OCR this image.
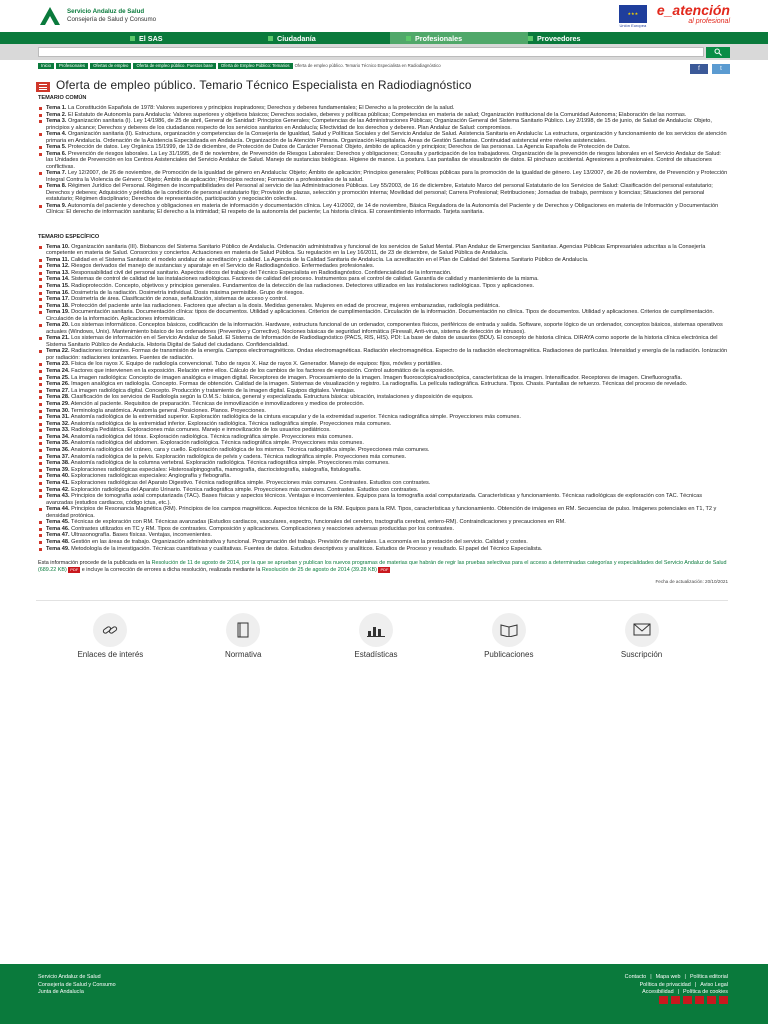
Servicio Andaluz de Salud
Consejería de Salud y Consumo
★★★
Unión Europea
e_atención
al profesional
El SAS	Ciudadanía	Profesionales	Proveedores
Inicio Profesionales Ofertas de empleo Oferta de empleo público. Puestos base Oferta de Empleo Público: Temarios Oferta de empleo público. Temario Técnico Especialista en Radiodiagnóstico
f	t
Oferta de empleo público. Temario Técnico Especialista en Radiodiagnóstico
TEMARIO COMÚN
Tema 1. La Constitución Española de 1978: Valores superiores y principios inspiradores; Derechos y deberes fundamentales; El Derecho a la protección de la salud.
Tema 2. El Estatuto de Autonomía para Andalucía: Valores superiores y objetivos básicos; Derechos sociales, deberes y políticas públicas; Competencias en materia de salud; Organización institucional de la Comunidad Autonoma; Elaboración de las normas.
Tema 3. Organización sanitaria (I). Ley 14/1986, de 25 de abril, General de Sanidad: Principios Generales; Competencias de las Administraciones Públicas; Organización General del Sistema Sanitario Público. Ley 2/1998, de 15 de junio, de Salud de Andalucía: Objeto, principios y alcance; Derechos y deberes de los ciudadanos respecto de los servicios sanitarios en Andalucía; Efectividad de los derechos y deberes. Plan Andaluz de Salud: compromisos.
Tema 4. Organización sanitaria (II). Estructura, organización y competencias de la Consejería de Igualdad, Salud y Políticas Sociales y del Servicio Andaluz de Salud. Asistencia Sanitaria en Andalucía: La estructura, organización y funcionamiento de los servicios de atención primaria en Andalucía. Ordenación de la Asistencia Especializada en Andalucía. Organización de la Atención Primaria. Organización Hospitalaria. Áreas de Gestión Sanitarias. Continuidad asistencial entre niveles asistenciales.
Tema 5. Protección de datos. Ley Orgánica 15/1999, de 13 de diciembre, de Protección de Datos de Carácter Personal: Objeto, ámbito de aplicación y principios; Derechos de las personas. La Agencia Española de Protección de Datos.
Tema 6. Prevención de riesgos laborales. La Ley 31/1995, de 8 de noviembre, de Prevención de Riesgos Laborales: Derechos y obligaciones; Consulta y participación de los trabajadores. Organización de la prevención de riesgos laborales en el Servicio Andaluz de Salud: las Unidades de Prevención en los Centros Asistenciales del Servicio Andaluz de Salud. Manejo de sustancias biológicas. Higiene de manos. La postura. Las pantallas de visualización de datos. El pinchazo accidental. Agresiones a profesionales. Control de situaciones conflictivas.
Tema 7. Ley 12/2007, de 26 de noviembre, de Promoción de la igualdad de género en Andalucía: Objeto; Ámbito de aplicación; Principios generales; Políticas públicas para la promoción de la igualdad de género. Ley 13/2007, de 26 de noviembre, de Prevención y Protección Integral Contra la Violencia de Género: Objeto; Ámbito de aplicación; Principios rectores; Formación a profesionales de la salud.
Tema 8. Régimen Jurídico del Personal. Régimen de incompatibilidades del Personal al servicio de las Administraciones Públicas. Ley 55/2003, de 16 de diciembre, Estatuto Marco del personal Estatutario de los Servicios de Salud: Clasificación del personal estatutario; Derechos y deberes; Adquisición y pérdida de la condición de personal estatutario fijo; Provisión de plazas, selección y promoción interna; Movilidad del personal; Carrera Profesional; Retribuciones; Jornadas de trabajo, permisos y licencias; Situaciones del personal estatutario; Régimen disciplinario; Derechos de representación, participación y negociación colectiva.
Tema 9. Autonomía del paciente y derechos y obligaciones en materia de información y documentación clínica. Ley 41/2002, de 14 de noviembre, Básica Reguladora de la Autonomía del Paciente y de Derechos y Obligaciones en materia de Información y Documentación Clínica: El derecho de información sanitaria; El derecho a la intimidad; El respeto de la autonomía del paciente; La historia clínica. El consentimiento informado. Tarjeta sanitaria.
TEMARIO ESPECÍFICO
Tema 10. Organización sanitaria (III). Biobancos del Sistema Sanitario Público de Andalucía. Ordenación administrativa y funcional de los servicios de Salud Mental. Plan Andaluz de Emergencias Sanitarias. Agencias Públicas Empresariales adscritas a la Consejería competente en materia de Salud. Consorcios y conciertos. Actuaciones en materia de Salud Pública. Su regulación en la Ley 16/2011, de 23 de diciembre, de Salud Pública de Andalucía.
Tema 11. Calidad en el Sistema Sanitario: el modelo andaluz de acreditación y calidad. La Agencia de la Calidad Sanitaria de Andalucía. La acreditación en el Plan de Calidad del Sistema Sanitario Público de Andalucía.
Tema 12. Riesgos derivados del manejo de sustancias y aparataje en el Servicio de Radiodiagnóstico. Enfermedades profesionales.
Tema 13. Responsabilidad civil del personal sanitario. Aspectos éticos del trabajo del Técnico Especialista en Radiodiagnóstico. Confidencialidad de la información.
Tema 14. Sistemas de control de calidad de las instalaciones radiológicas. Factores de calidad del proceso. Instrumentos para el control de calidad. Garantía de calidad y mantenimiento de la misma.
Tema 15. Radioprotección. Concepto, objetivos y principios generales. Fundamentos de la detección de las radiaciones. Detectores utilizados en las instalaciones radiológicas. Tipos y aplicaciones.
Tema 16. Dosimetría de la radiación. Dosimetría individual. Dosis máxima permisible. Grupo de riesgos.
Tema 17. Dosimetría de área. Clasificación de zonas, señalización, sistemas de acceso y control.
Tema 18. Protección del paciente ante las radiaciones. Factores que afectan a la dosis. Medidas generales. Mujeres en edad de procrear, mujeres embarazadas, radiología pediátrica.
Tema 19. Documentación sanitaria. Documentación clínica: tipos de documentos. Utilidad y aplicaciones. Criterios de cumplimentación. Circulación de la información. Documentación no clínica. Tipos de documentos. Utilidad y aplicaciones. Criterios de cumplimentación. Circulación de la información. Aplicaciones informáticas.
Tema 20. Los sistemas informáticos. Conceptos básicos, codificación de la información. Hardware, estructura funcional de un ordenador, componentes físicos, periféricos de entrada y salida. Software, soporte lógico de un ordenador, conceptos básicos, sistemas operativos actuales (Windows, Unix). Mantenimiento básico de los ordenadores (Preventivo y Correctivo). Nociones básicas de seguridad informática (Firewall, Anti-virus, sistema de detección de intrusos).
Tema 21. Los sistemas de información en el Servicio Andaluz de Salud. El Sistema de Información de Radiodiagnóstico (PACS, RIS, HIS). PDI: La base de datos de usuarios (BDU). El concepto de historia clínica. DIRAYA como soporte de la historia clínica electrónica del Sistema Sanitario Público de Andalucía. Historia Digital de Salud del ciudadano. Confidencialidad.
Tema 22. Radiaciones ionizantes. Formas de transmisión de la energía. Campos electromagnéticos. Ondas electromagnéticas. Radiación electromagnética. Espectro de la radiación electromagnética. Radiaciones de partículas. Intensidad y energía de la radiación. Ionización por radiación: radiaciones ionizantes. Fuentes de radiación.
Tema 23. Física de los rayos X. Equipo de radiología convencional. Tubo de rayos X. Haz de rayos X. Generador. Manejo de equipos: fijos, móviles y portátiles.
Tema 24. Factores que intervienen en la exposición. Relación entre ellos. Cálculo de los cambios de los factores de exposición. Control automático de la exposición.
Tema 25. La imagen radiológica: Concepto de imagen analógica e imagen digital. Receptores de imagen. Procesamiento de la imagen. Imagen fluoroscópica/radioscópica, características de la imagen. Intensificador. Receptores de imagen. Cinefluorografía.
Tema 26. Imagen analógica en radiología. Concepto. Formas de obtención. Calidad de la imagen. Sistemas de visualización y registro. La radiografía. La película radiográfica. Estructura. Tipos. Chasis. Pantallas de refuerzo. Técnicas del proceso de revelado.
Tema 27. La imagen radiológica digital. Concepto. Producción y tratamiento de la imagen digital. Equipos digitales. Ventajas.
Tema 28. Clasificación de los servicios de Radiología según la O.M.S.: básica, general y especializada. Estructura básica: ubicación, instalaciones y disposición de equipos.
Tema 29. Atención al paciente. Requisitos de preparación. Técnicas de inmovilización e inmovilizadores y medios de protección.
Tema 30. Terminología anatómica. Anatomía general. Posiciones. Planos. Proyecciones.
Tema 31. Anatomía radiológica de la extremidad superior. Exploración radiológica de la cintura escapular y de la extremidad superior. Técnica radiográfica simple. Proyecciones más comunes.
Tema 32. Anatomía radiológica de la extremidad inferior. Exploración radiológica. Técnica radiográfica simple. Proyecciones más comunes.
Tema 33. Radiología Pediátrica. Exploraciones más comunes. Manejo e inmovilización de los usuarios pediátricos.
Tema 34. Anatomía radiológica del tórax. Exploración radiológica. Técnica radiográfica simple. Proyecciones más comunes.
Tema 35. Anatomía radiológica del abdomen. Exploración radiológica. Técnica radiográfica simple. Proyecciones más comunes.
Tema 36. Anatomía radiológica del cráneo, cara y cuello. Exploración radiológica de los mismos. Técnica radiográfica simple. Proyecciones más comunes.
Tema 37. Anatomía radiológica de la pelvis. Exploración radiológica de pelvis y cadera. Técnica radiográfica simple. Proyecciones más comunes.
Tema 38. Anatomía radiológica de la columna vertebral. Exploración radiológica. Técnica radiográfica simple. Proyecciones más comunes.
Tema 39. Exploraciones radiológicas especiales: Histerosalpingografía, mamografía, dacriocistografía, sialografía, fistulografía.
Tema 40. Exploraciones radiológicas especiales: Angiografía y flebografía.
Tema 41. Exploraciones radiológicas del Aparato Digestivo. Técnica radiográfica simple. Proyecciones más comunes. Contrastes. Estudios con contrastes.
Tema 42. Exploración radiológica del Aparato Urinario. Técnica radiográfica simple. Proyecciones más comunes. Contrastes. Estudios con contrastes.
Tema 43. Principios de tomografía axial computarizada (TAC). Bases físicas y aspectos técnicos. Ventajas e inconvenientes. Equipos para la tomografía axial computarizada. Características y funcionamiento. Técnicas radiológicas de exploración con TAC. Técnicas avanzadas (estudios cardiacos, código ictus, etc.).
Tema 44. Principios de Resonancia Magnética (RM). Principios de los campos magnéticos. Aspectos técnicos de la RM. Equipos para la RM. Tipos, características y funcionamiento. Obtención de imágenes en RM. Secuencias de pulso. Imágenes potenciales en T1, T2 y densidad protónica.
Tema 45. Técnicas de exploración con RM. Técnicas avanzadas (Estudios cardiacos, vasculares, espectro, funcionales del cerebro, tractografía cerebral, entero-RM). Contraindicaciones y precauciones en RM.
Tema 46. Contrastes utilizados en TC y RM. Tipos de contrastes. Composición y aplicaciones. Complicaciones y reacciones adversas producidas por los contrastes.
Tema 47. Ultrasonografía. Bases físicas. Ventajas, inconvenientes.
Tema 48. Gestión en las áreas de trabajo. Organización administrativa y funcional. Programación del trabajo. Previsión de materiales. La economía en la prestación del servicio. Calidad y costes.
Tema 49. Metodología de la investigación. Técnicas cuantitativas y cualitativas. Fuentes de datos. Estudios descriptivos y analíticos. Estudios de Proceso y resultado. El papel del Técnico Especialista.
Esta información procede de la publicada en la Resolución de 11 de agosto de 2014, por la que se aprueban y publican los nuevos programas de materias que habrán de regir las pruebas selectivas para el acceso a determinadas categorías y especialidades del Servicio Andaluz de Salud (689.22 KB) PDF e incluye la corrección de errores a dicha resolución, realizada mediante la Resolución de 25 de agosto de 2014 (39.28 KB) PDF
Fecha de actualización: 20/10/2021
Enlaces de interés	Normativa	Estadísticas	Publicaciones	Suscripción
Servicio Andaluz de Salud
Consejería de Salud y Consumo
Junta de Andalucía
Contacto | Mapa web | Política editorial
Política de privacidad | Aviso Legal
Accesibilidad | Política de cookies
